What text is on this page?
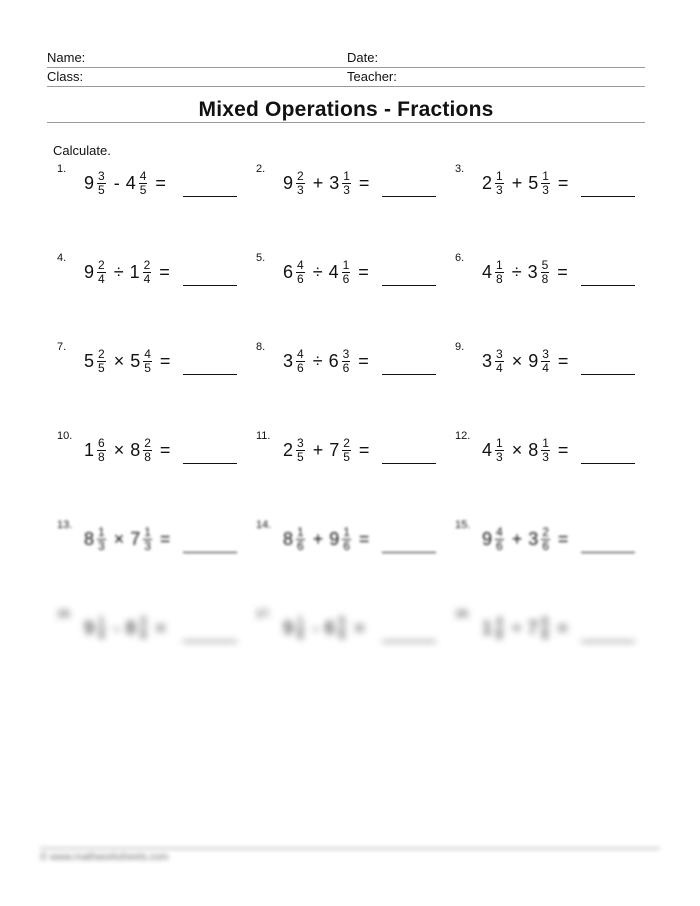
Name:	Date:
Class:	Teacher:
Mixed Operations - Fractions
Calculate.
1.
$9 \frac{3}{5} - 4 \frac{4}{5}$ =
2.
$9 \frac{2}{3} + 3 \frac{1}{3}$ =
3.
$2 \frac{1}{3} + 5 \frac{1}{3}$ =
4.
$9 \frac{2}{4} \div 1 \frac{2}{4}$ =
5.
$6 \frac{4}{6} \div 4 \frac{1}{6}$ =
6.
$4 \frac{1}{8} \div 3 \frac{5}{8}$ =
7.
$5 \frac{2}{5} \times 5 \frac{4}{5}$ =
8.
$3 \frac{4}{6} \div 6 \frac{3}{6}$ =
9.
$3 \frac{3}{4} \times 9 \frac{3}{4}$ =
10.
$1 \frac{6}{8} \times 8 \frac{2}{8}$ =
11.
$2 \frac{3}{5} + 7 \frac{2}{5}$ =
12.
$4 \frac{1}{3} \times 8 \frac{1}{3}$ =
13.
$8 \frac{1}{3} \times 7 \frac{1}{3}$ =
14.
$8 \frac{1}{6} + 9 \frac{1}{6}$ =
15.
$9 \frac{4}{6} + 3 \frac{2}{6}$ =
16.
$9 \frac{1}{4} - 8 \frac{3}{4}$ =
17.
$9 \frac{1}{6} - 6 \frac{5}{6}$ =
18.
$1 \frac{4}{8} \div 7 \frac{6}{8}$ =
© www.mathworksheets.com
